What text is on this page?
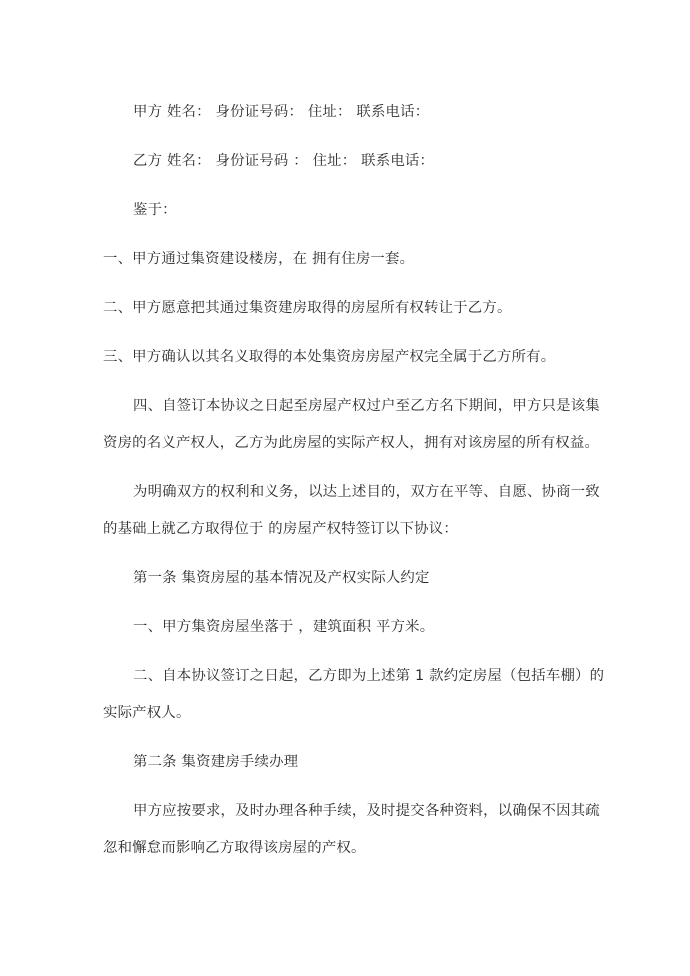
甲方 姓名： 身份证号码： 住址： 联系电话：
乙方 姓名： 身份证号码 ： 住址： 联系电话：
鉴于：
一、甲方通过集资建设楼房，在 拥有住房一套。
二、甲方愿意把其通过集资建房取得的房屋所有权转让于乙方。
三、甲方确认以其名义取得的本处集资房房屋产权完全属于乙方所有。
四、自签订本协议之日起至房屋产权过户至乙方名下期间，甲方只是该集
资房的名义产权人，乙方为此房屋的实际产权人，拥有对该房屋的所有权益。
为明确双方的权利和义务，以达上述目的，双方在平等、自愿、协商一致
的基础上就乙方取得位于 的房屋产权特签订以下协议：
第一条 集资房屋的基本情况及产权实际人约定
一、甲方集资房屋坐落于 ，建筑面积 平方米。
二、自本协议签订之日起，乙方即为上述第 1 款约定房屋（包括车棚）的
实际产权人。
第二条 集资建房手续办理
甲方应按要求，及时办理各种手续，及时提交各种资料，以确保不因其疏
忽和懈怠而影响乙方取得该房屋的产权。
